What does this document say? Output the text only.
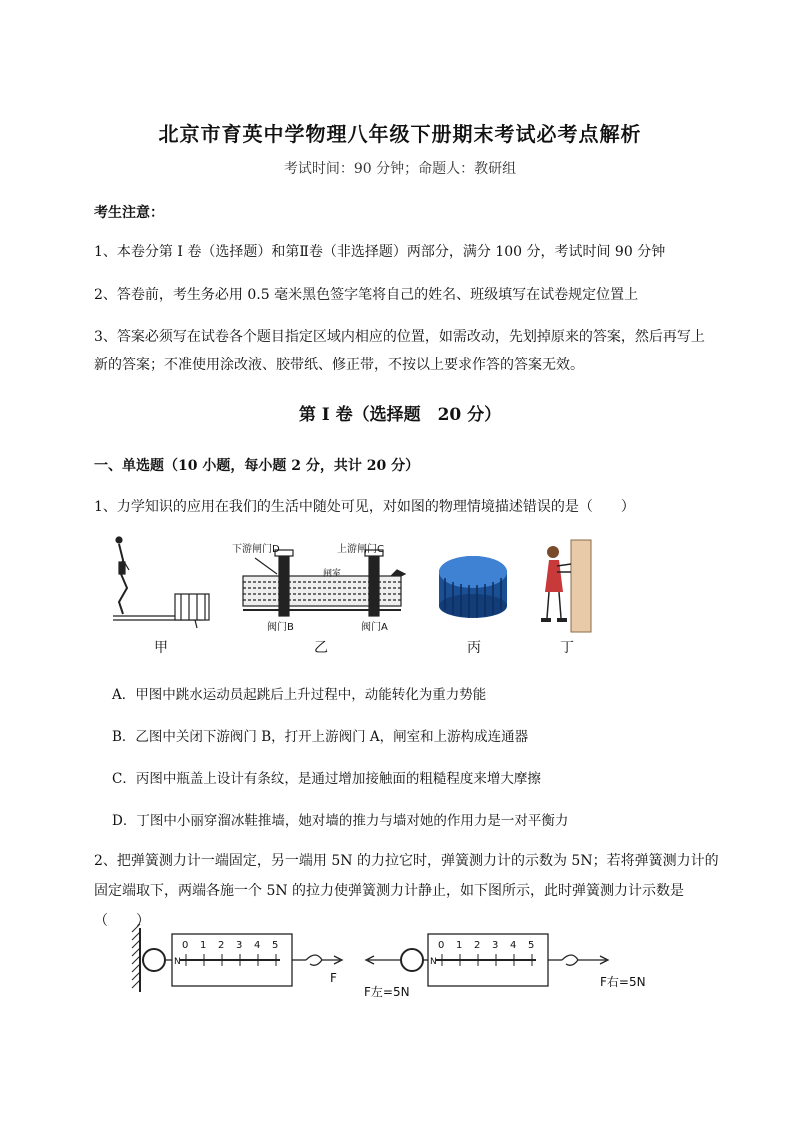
北京市育英中学物理八年级下册期末考试必考点解析
考试时间：90 分钟；命题人：教研组
考生注意：
1、本卷分第 I 卷（选择题）和第Ⅱ卷（非选择题）两部分，满分 100 分，考试时间 90 分钟
2、答卷前，考生务必用 0.5 毫米黑色签字笔将自己的姓名、班级填写在试卷规定位置上
3、答案必须写在试卷各个题目指定区域内相应的位置，如需改动，先划掉原来的答案，然后再写上新的答案；不准使用涂改液、胶带纸、修正带，不按以上要求作答的答案无效。
第 I 卷（选择题　20 分）
一、单选题（10 小题，每小题 2 分，共计 20 分）
1、力学知识的应用在我们的生活中随处可见，对如图的物理情境描述错误的是（　　）
下游闸门D	上游闸门C
闸室
阀门B	阀门A
甲	乙	丙	丁
A．甲图中跳水运动员起跳后上升过程中，动能转化为重力势能
B．乙图中关闭下游阀门 B，打开上游阀门 A，闸室和上游构成连通器
C．丙图中瓶盖上设计有条纹，是通过增加接触面的粗糙程度来增大摩擦
D．丁图中小丽穿溜冰鞋推墙，她对墙的推力与墙对她的作用力是一对平衡力
2、把弹簧测力计一端固定，另一端用 5N 的力拉它时，弹簧测力计的示数为 5N；若将弹簧测力计的固定端取下，两端各施一个 5N 的拉力使弹簧测力计静止，如下图所示，此时弹簧测力计示数是（　　）
0 1 2 3 4 5
N
F
0 1 2 3 4 5
N
F左=5N
F右=5N
